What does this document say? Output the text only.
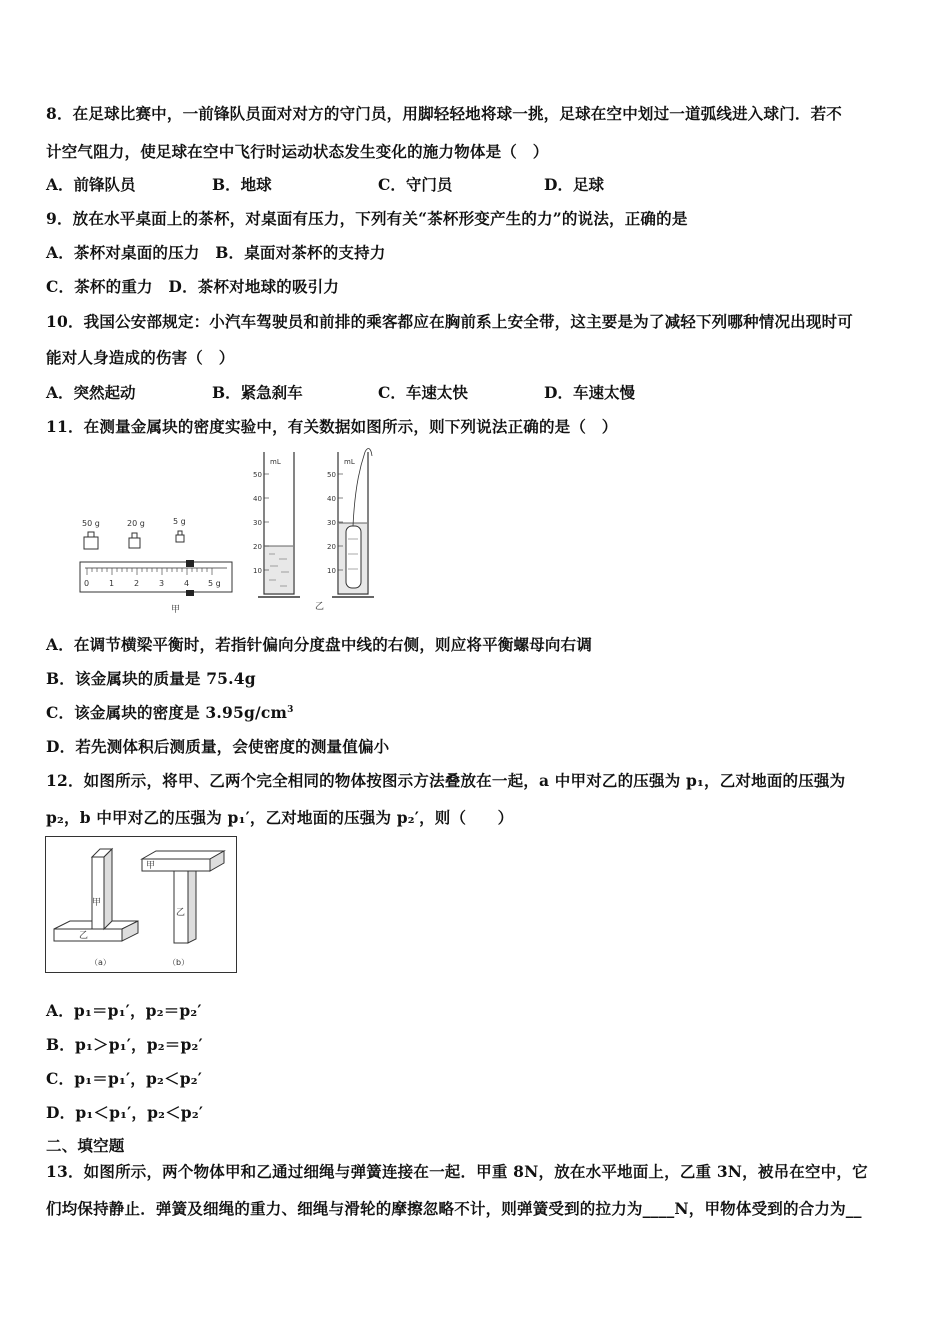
8．在足球比赛中，一前锋队员面对对方的守门员，用脚轻轻地将球一挑，足球在空中划过一道弧线进入球门．若不
计空气阻力，使足球在空中飞行时运动状态发生变化的施力物体是（　）
A．前锋队员	B．地球	C．守门员	D．足球
9．放在水平桌面上的茶杯，对桌面有压力，下列有关“茶杯形变产生的力”的说法，正确的是
A．茶杯对桌面的压力　B．桌面对茶杯的支持力
C．茶杯的重力　D．茶杯对地球的吸引力
10．我国公安部规定：小汽车驾驶员和前排的乘客都应在胸前系上安全带，这主要是为了减轻下列哪种情况出现时可
能对人身造成的伤害（　）
A．突然起动	B．紧急刹车	C．车速太快	D．车速太慢
11．在测量金属块的密度实验中，有关数据如图所示，则下列说法正确的是（　）
50 g	20 g	5 g
0 1 2 3 4 5 g
甲
mL
50
40
30
20
10
mL
50
40
30
20
10
乙
A．在调节横梁平衡时，若指针偏向分度盘中线的右侧，则应将平衡螺母向右调
B．该金属块的质量是 75.4g
C．该金属块的密度是 $3.95g/cm^3$
D．若先测体积后测质量，会使密度的测量值偏小
12．如图所示，将甲、乙两个完全相同的物体按图示方法叠放在一起，a 中甲对乙的压强为 p₁，乙对地面的压强为
p₂，b 中甲对乙的压强为 p₁′，乙对地面的压强为 p₂′，则（　　）
甲
乙
（a）
甲
乙
（b）
A．p₁＝p₁′，p₂＝p₂′
B．p₁＞p₁′，p₂＝p₂′
C．p₁＝p₁′，p₂＜p₂′
D．p₁＜p₁′，p₂＜p₂′
二、填空题
13．如图所示，两个物体甲和乙通过细绳与弹簧连接在一起．甲重 8N，放在水平地面上，乙重 3N，被吊在空中，它
们均保持静止．弹簧及细绳的重力、细绳与滑轮的摩擦忽略不计，则弹簧受到的拉力为____N，甲物体受到的合力为__
